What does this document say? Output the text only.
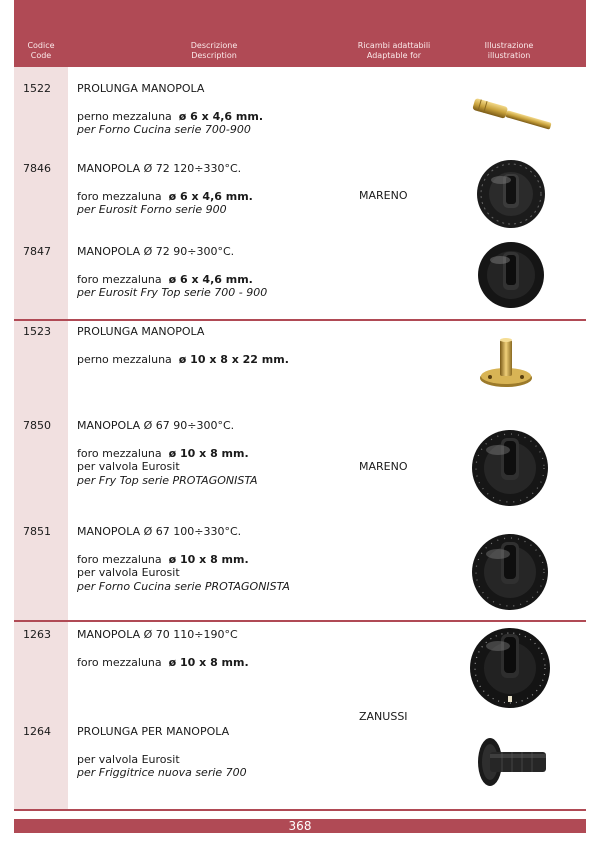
Codice
Code
Descrizione
Description
Ricambi adattabili
Adaptable for
Illustrazione
illustration
1522 PROLUNGA MANOPOLA
perno mezzaluna ø 6 x 4,6 mm.
per Forno Cucina serie 700-900
7846 MANOPOLA Ø 72 120÷330°C.
foro mezzaluna ø 6 x 4,6 mm.
per Eurosit Forno serie 900
7847 MANOPOLA Ø 72 90÷300°C.
foro mezzaluna ø 6 x 4,6 mm.
per Eurosit Fry Top serie 700 - 900
1523 PROLUNGA MANOPOLA
perno mezzaluna ø 10 x 8 x 22 mm.
7850 MANOPOLA Ø 67 90÷300°C.
foro mezzaluna ø 10 x 8 mm.
per valvola Eurosit
per Fry Top serie PROTAGONISTA
7851 MANOPOLA Ø 67 100÷330°C.
foro mezzaluna ø 10 x 8 mm.
per valvola Eurosit
per Forno Cucina serie PROTAGONISTA
1263 MANOPOLA Ø 70 110÷190°C
foro mezzaluna ø 10 x 8 mm.
1264 PROLUNGA PER MANOPOLA
per valvola Eurosit
per Friggitrice nuova serie 700
MARENO
MARENO
ZANUSSI
368
